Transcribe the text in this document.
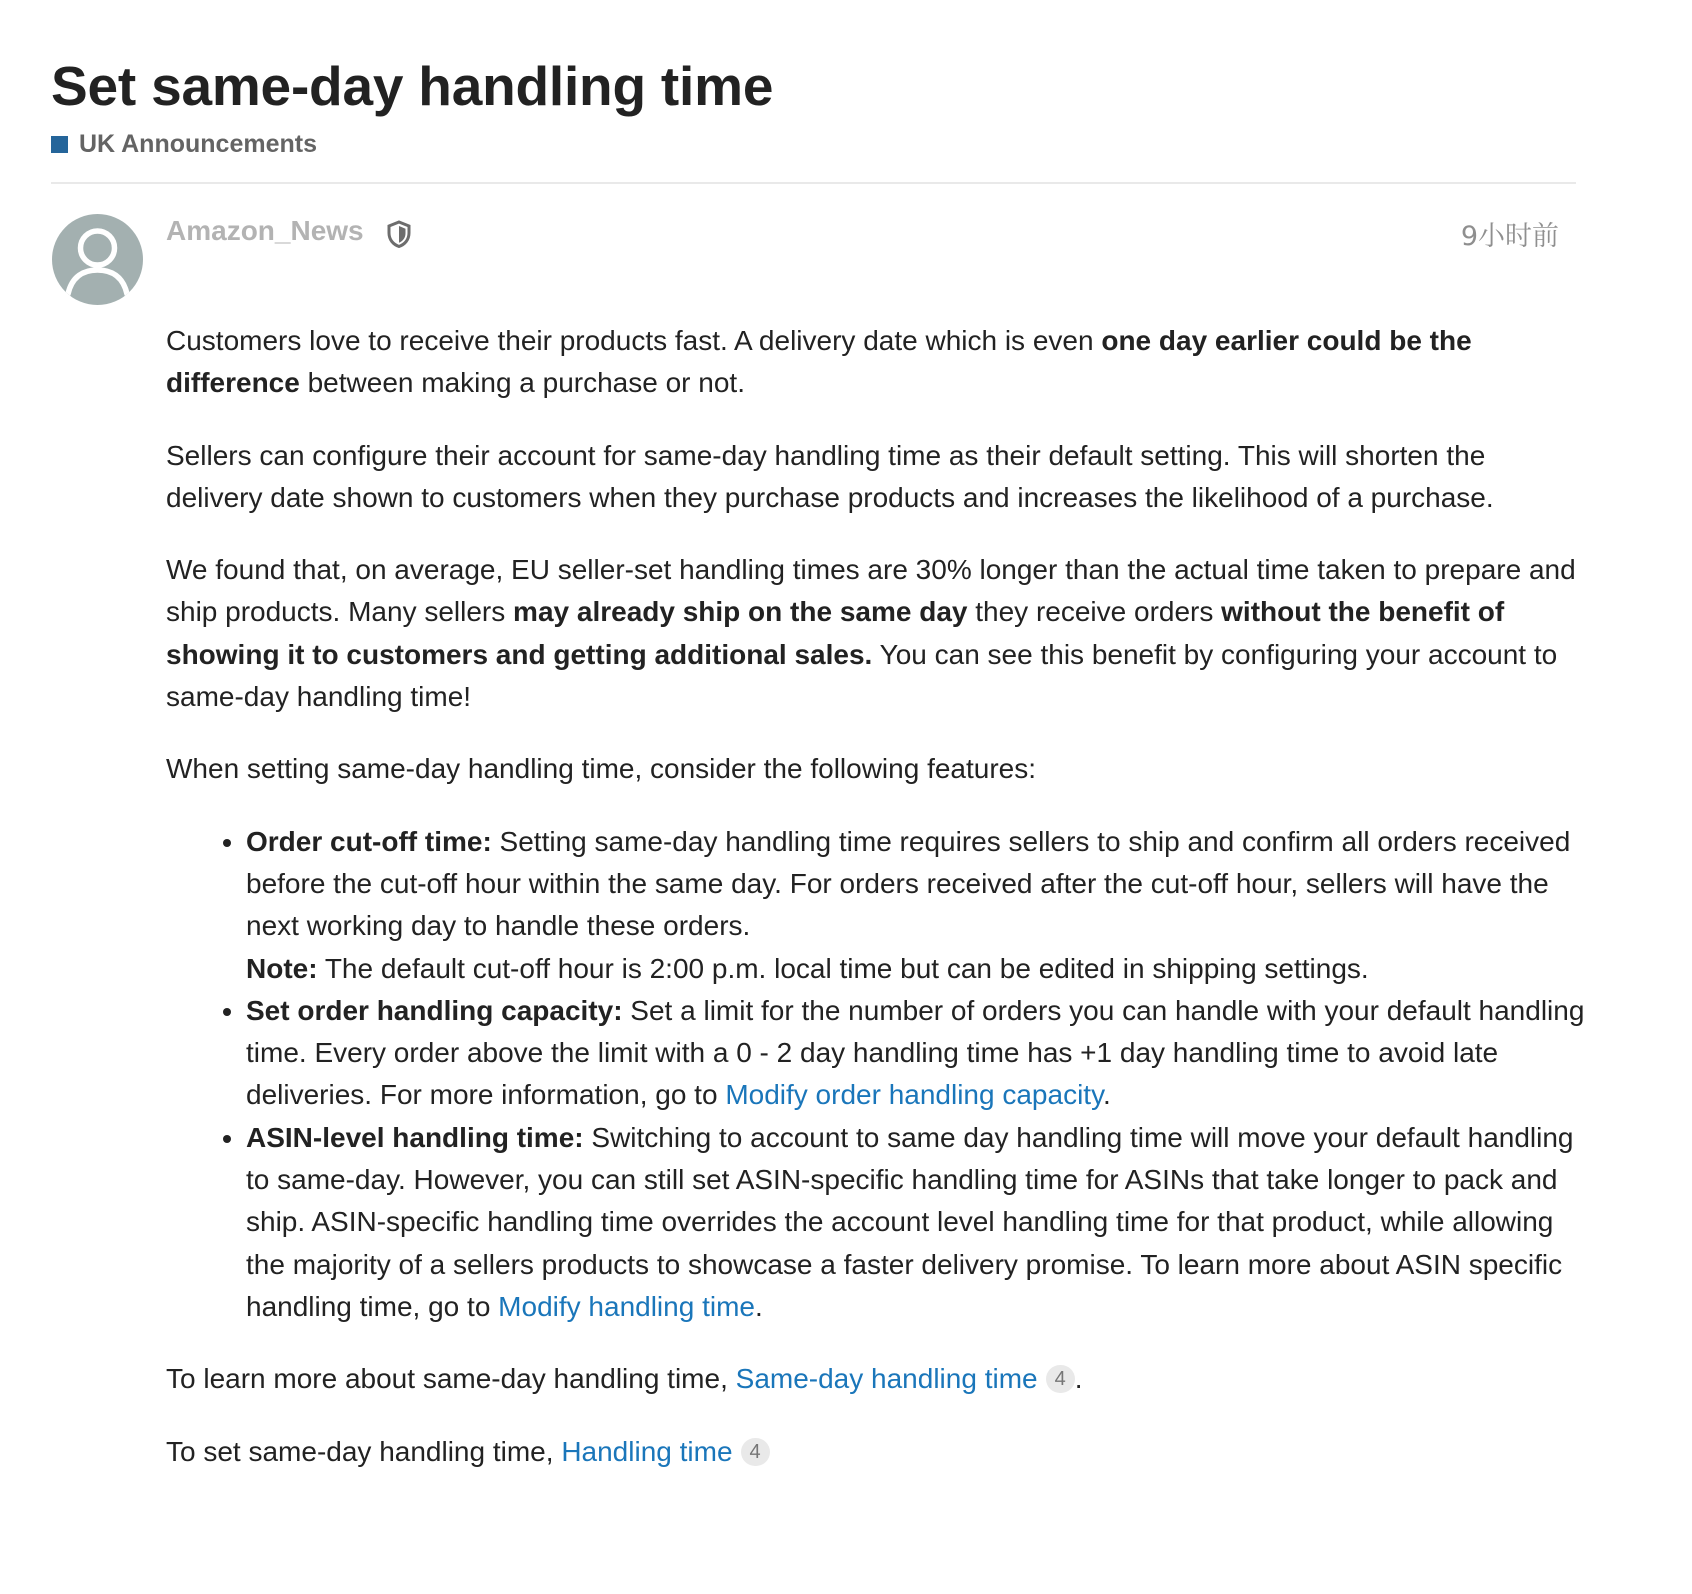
Set same-day handling time
UK Announcements
Amazon_News	9小时前

Customers love to receive their products fast. A delivery date which is even one day earlier could be the difference between making a purchase or not.

Sellers can configure their account for same-day handling time as their default setting. This will shorten the delivery date shown to customers when they purchase products and increases the likelihood of a purchase.

We found that, on average, EU seller-set handling times are 30% longer than the actual time taken to prepare and ship products. Many sellers may already ship on the same day they receive orders without the benefit of showing it to customers and getting additional sales. You can see this benefit by configuring your account to same-day handling time!

When setting same-day handling time, consider the following features:

• Order cut-off time: Setting same-day handling time requires sellers to ship and confirm all orders received before the cut-off hour within the same day. For orders received after the cut-off hour, sellers will have the next working day to handle these orders.
Note: The default cut-off hour is 2:00 p.m. local time but can be edited in shipping settings.
• Set order handling capacity: Set a limit for the number of orders you can handle with your default handling time. Every order above the limit with a 0 - 2 day handling time has +1 day handling time to avoid late deliveries. For more information, go to Modify order handling capacity.
• ASIN-level handling time: Switching to account to same day handling time will move your default handling to same-day. However, you can still set ASIN-specific handling time for ASINs that take longer to pack and ship. ASIN-specific handling time overrides the account level handling time for that product, while allowing the majority of a sellers products to showcase a faster delivery promise. To learn more about ASIN specific handling time, go to Modify handling time.

To learn more about same-day handling time, Same-day handling time 4 .

To set same-day handling time, Handling time 4
